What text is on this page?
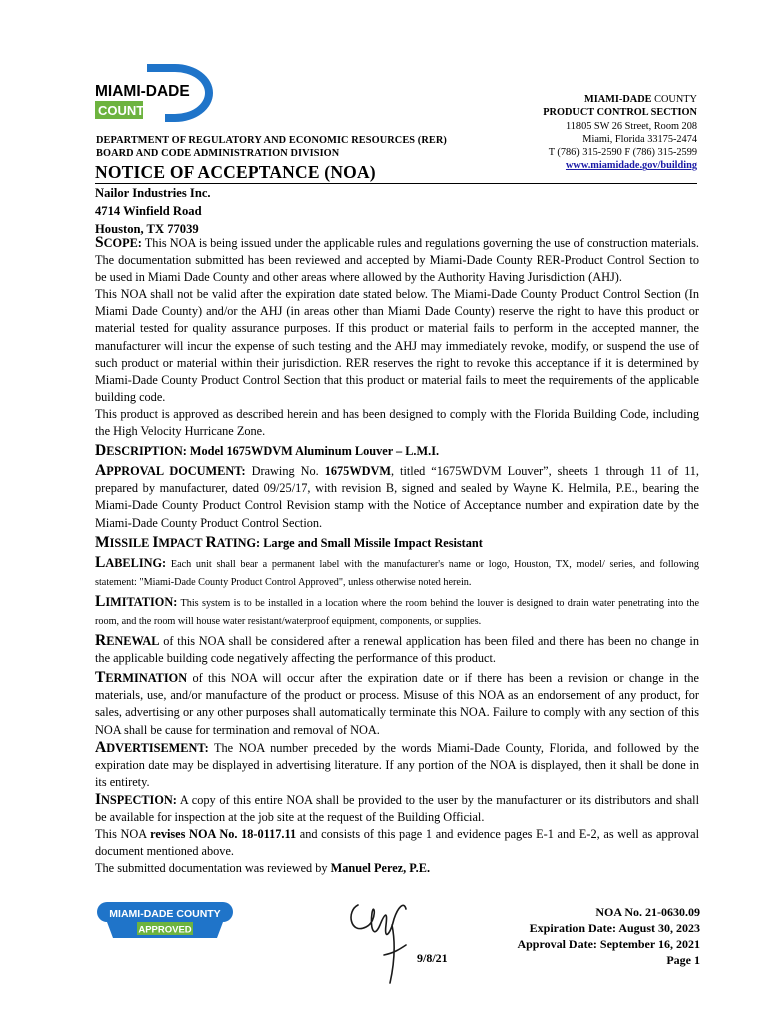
MIAMI-DADE
COUNTY
DEPARTMENT OF REGULATORY AND ECONOMIC RESOURCES (RER)
BOARD AND CODE ADMINISTRATION DIVISION
MIAMI-DADE COUNTY
PRODUCT CONTROL SECTION
11805 SW 26 Street, Room 208
Miami, Florida 33175-2474
T (786) 315-2590 F (786) 315-2599
www.miamidade.gov/building
NOTICE OF ACCEPTANCE (NOA)
Nailor Industries Inc.
4714 Winfield Road
Houston, TX 77039

SCOPE: This NOA is being issued under the applicable rules and regulations governing the use of construction materials. The documentation submitted has been reviewed and accepted by Miami-Dade County RER-Product Control Section to be used in Miami Dade County and other areas where allowed by the Authority Having Jurisdiction (AHJ).

This NOA shall not be valid after the expiration date stated below. The Miami-Dade County Product Control Section (In Miami Dade County) and/or the AHJ (in areas other than Miami Dade County) reserve the right to have this product or material tested for quality assurance purposes. If this product or material fails to perform in the accepted manner, the manufacturer will incur the expense of such testing and the AHJ may immediately revoke, modify, or suspend the use of such product or material within their jurisdiction. RER reserves the right to revoke this acceptance if it is determined by Miami-Dade County Product Control Section that this product or material fails to meet the requirements of the applicable building code.

This product is approved as described herein and has been designed to comply with the Florida Building Code, including the High Velocity Hurricane Zone.

DESCRIPTION: Model 1675WDVM Aluminum Louver – L.M.I.

APPROVAL DOCUMENT: Drawing No. 1675WDVM, titled “1675WDVM Louver”, sheets 1 through 11 of 11, prepared by manufacturer, dated 09/25/17, with revision B, signed and sealed by Wayne K. Helmila, P.E., bearing the Miami-Dade County Product Control Revision stamp with the Notice of Acceptance number and expiration date by the Miami-Dade County Product Control Section.

MISSILE IMPACT RATING: Large and Small Missile Impact Resistant

LABELING: Each unit shall bear a permanent label with the manufacturer's name or logo, Houston, TX, model/ series, and following statement: "Miami-Dade County Product Control Approved", unless otherwise noted herein.

LIMITATION: This system is to be installed in a location where the room behind the louver is designed to drain water penetrating into the room, and the room will house water resistant/waterproof equipment, components, or supplies.

RENEWAL of this NOA shall be considered after a renewal application has been filed and there has been no change in the applicable building code negatively affecting the performance of this product.

TERMINATION of this NOA will occur after the expiration date or if there has been a revision or change in the materials, use, and/or manufacture of the product or process. Misuse of this NOA as an endorsement of any product, for sales, advertising or any other purposes shall automatically terminate this NOA. Failure to comply with any section of this NOA shall be cause for termination and removal of NOA.

ADVERTISEMENT: The NOA number preceded by the words Miami-Dade County, Florida, and followed by the expiration date may be displayed in advertising literature. If any portion of the NOA is displayed, then it shall be done in its entirety.

INSPECTION: A copy of this entire NOA shall be provided to the user by the manufacturer or its distributors and shall be available for inspection at the job site at the request of the Building Official.

This NOA revises NOA No. 18-0117.11 and consists of this page 1 and evidence pages E-1 and E-2, as well as approval document mentioned above.

The submitted documentation was reviewed by Manuel Perez, P.E.

MIAMI-DADE COUNTY
APPROVED
9/8/21
NOA No. 21-0630.09
Expiration Date: August 30, 2023
Approval Date: September 16, 2021
Page 1
